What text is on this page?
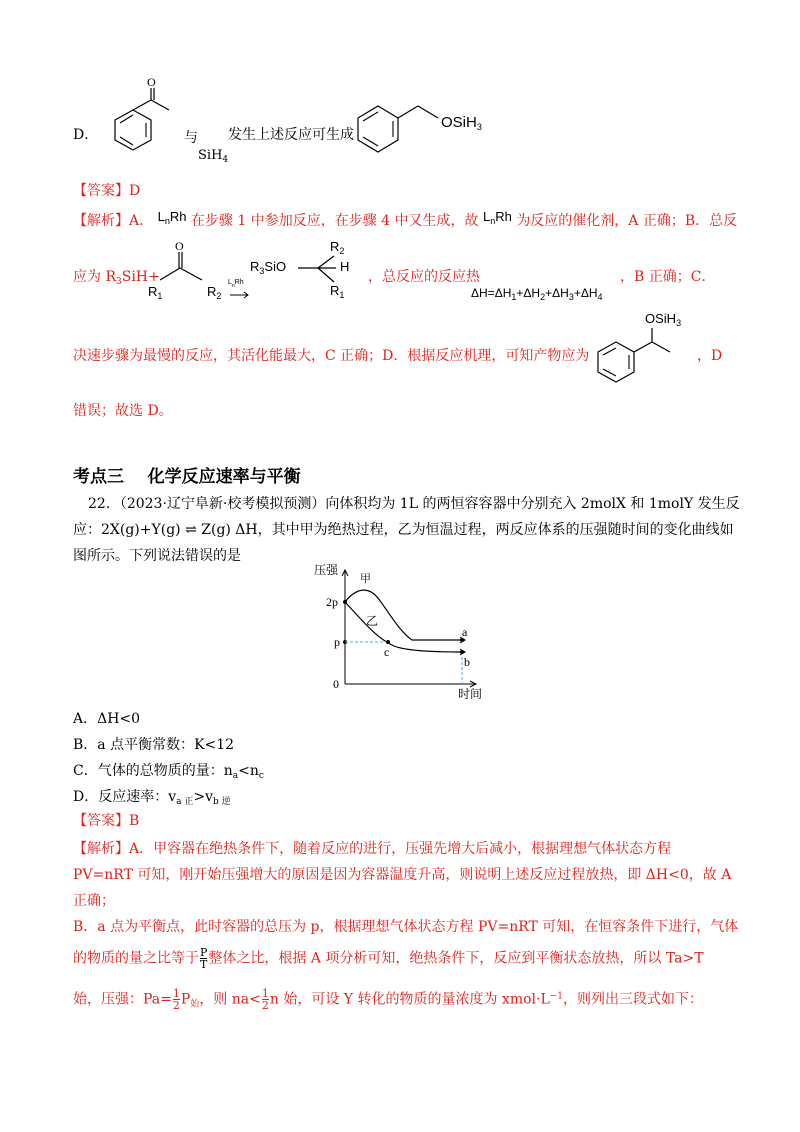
D．
O
与
SiH$_4$
发生上述反应可生成
OSiH$_3$
【答案】D
【解析】A． $L_nRh$ 在步骤 1 中参加反应，在步骤 4 中又生成，故 $L_nRh$ 为反应的催化剂，A 正确；B．总反
应为 $R_3SiH+$
O
$R_1$	$R_2$
$L_nRh$
$R_3SiO$
$R_2$
H
$R_1$
，总反应的反应热	，B 正确；C．
$\Delta H=\Delta H_1+\Delta H_2+\Delta H_3+\Delta H_4$
决速步骤为最慢的反应，其活化能最大，C 正确；D．根据反应机理，可知产物应为
OSiH$_3$
，D
错误；故选 D。
考点三    化学反应速率与平衡
22．（2023·辽宁阜新·校考模拟预测）向体积均为 1L 的两恒容容器中分别充入 2molX 和 1molY 发生反
应：2X(g)+Y(g) ⇌ Z(g) ΔH，其中甲为绝热过程，乙为恒温过程，两反应体系的压强随时间的变化曲线如
图所示。下列说法错误的是
压强
时间
0
2p
p
甲
乙
c
a
b
A．ΔH<0
B．a 点平衡常数：K<12
C．气体的总物质的量：$n_a<n_c$
D．反应速率：$v_{a 正}>v_{b 逆}$
【答案】B
【解析】A．甲容器在绝热条件下，随着反应的进行，压强先增大后减小，根据理想气体状态方程
PV=nRT 可知，刚开始压强增大的原因是因为容器温度升高，则说明上述反应过程放热，即 ΔH<0，故 A
正确；
B．a 点为平衡点，此时容器的总压为 p，根据理想气体状态方程 PV=nRT 可知，在恒容条件下进行，气体
的物质的量之比等于 $\frac{P}{T}$ 整体之比，根据 A 项分析可知，绝热条件下，反应到平衡状态放热，所以 Ta>T
始，压强：$Pa= \frac{1}{2} P_始$，则 $na< \frac{1}{2}$ n 始，可设 Y 转化的物质的量浓度为 $xmol\cdot L^{-1}$，则列出三段式如下：
